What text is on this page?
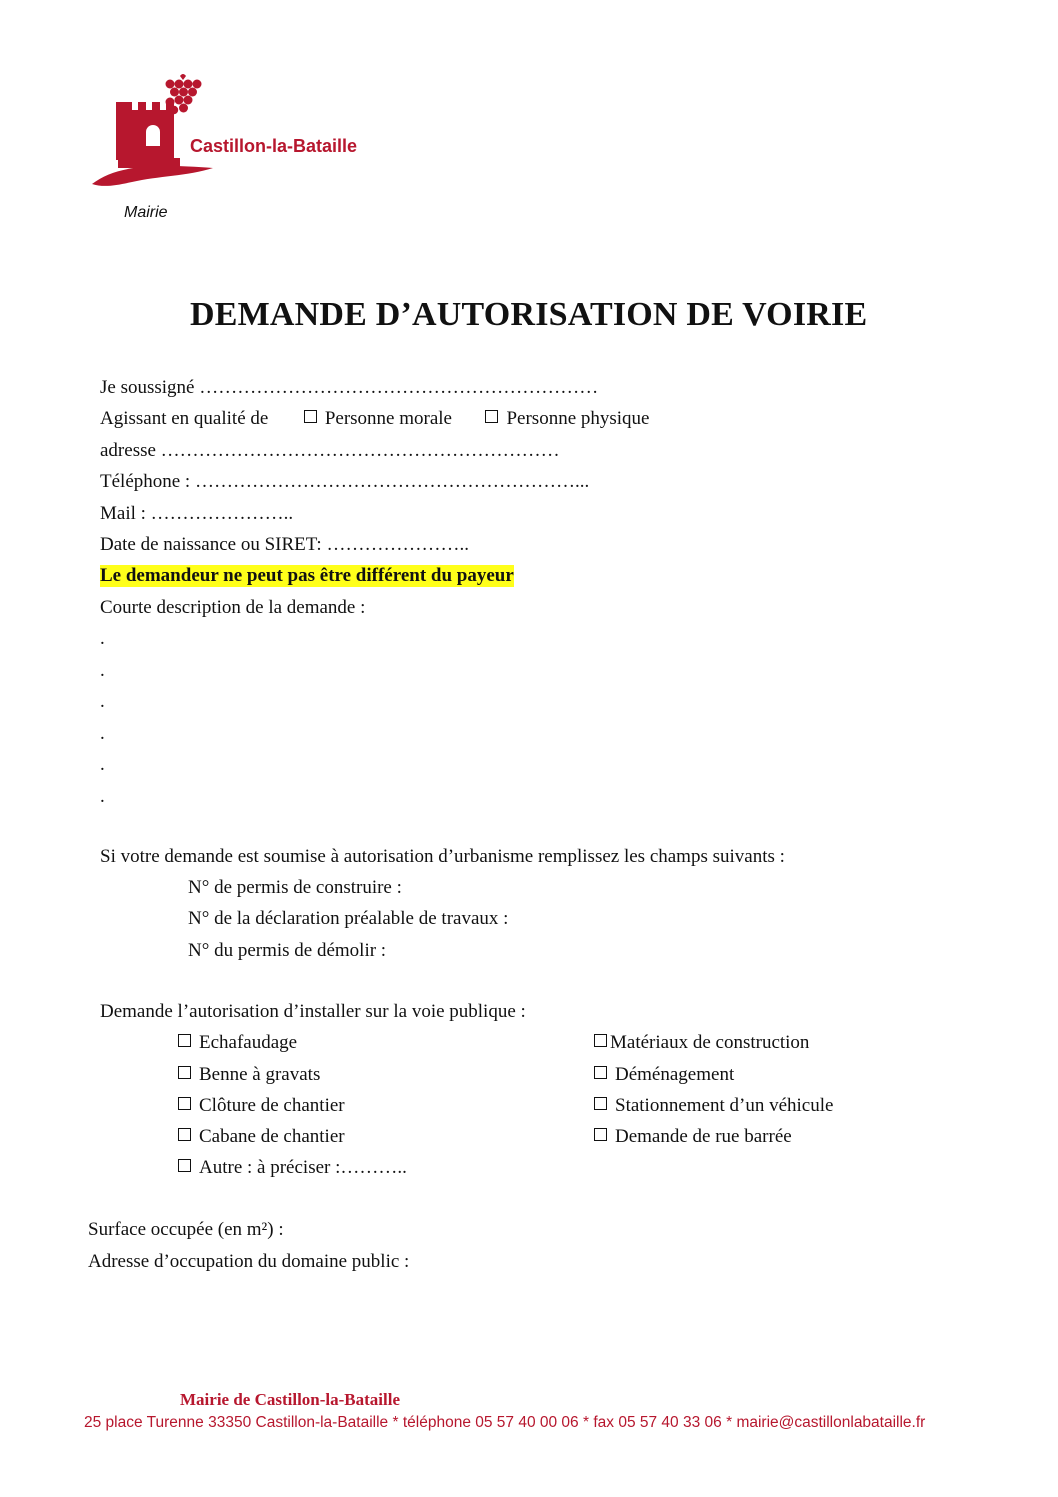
Castillon-la-Bataille
Mairie
DEMANDE D’AUTORISATION DE VOIRIE
Je soussigné ………………………………………………………
Agissant en qualité de	Personne morale	Personne physique
adresse ………………………………………………………
Téléphone : ……………………………………………………...
Mail : …………………..
Date de naissance ou SIRET: …………………..
Le demandeur ne peut pas être différent du payeur
Courte description de la demande :
.
.
.
.
.
.
Si votre demande est soumise à autorisation d’urbanisme remplissez les champs suivants :
N° de permis de construire :
N° de la déclaration préalable de travaux :
N° du permis de démolir :
Demande l’autorisation d’installer sur la voie publique :
Echafaudage
Benne à gravats
Clôture de chantier
Cabane de chantier
Autre : à préciser :………..
Matériaux de construction
Déménagement
Stationnement d’un véhicule
Demande de rue barrée
Surface occupée (en m²) :
Adresse d’occupation du domaine public :
Mairie de Castillon-la-Bataille
25 place Turenne 33350 Castillon-la-Bataille * téléphone 05 57 40 00 06 * fax 05 57 40 33 06 * mairie@castillonlabataille.fr
